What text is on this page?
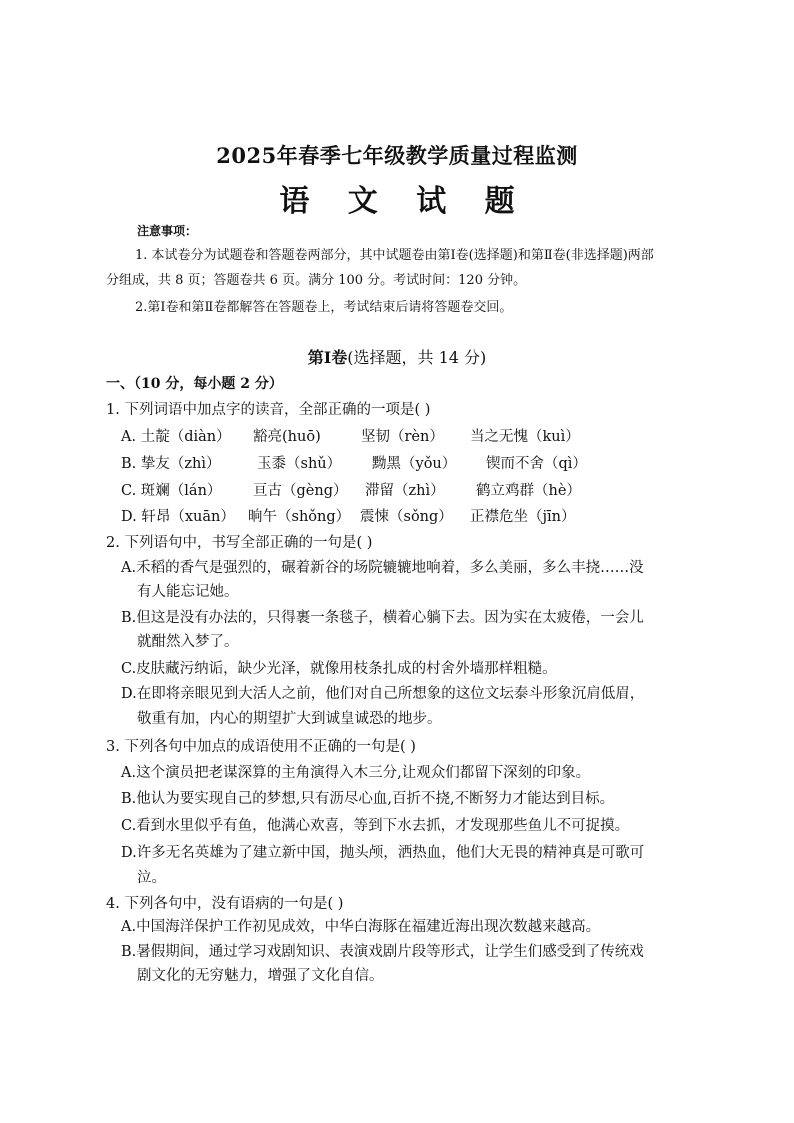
2025年春季七年级教学质量过程监测
语 文 试 题
注意事项：
1. 本试卷分为试题卷和答题卷两部分，其中试题卷由第Ⅰ卷(选择题)和第Ⅱ卷(非选择题)两部
分组成，共 8 页；答题卷共 6 页。满分 100 分。考试时间：120 分钟。
2.第Ⅰ卷和第Ⅱ卷都解答在答题卷上，考试结束后请将答题卷交回。
第Ⅰ卷(选择题，共 14 分)
一、（10 分，每小题 2 分）
1. 下列词语中加点字的读音，全部正确的一项是( )
A. 土靛（diàn） 豁亮(huō)	坚韧（rèn） 当之无愧（kuì）
B. 挚友（zhì）	玉黍（shǔ） 黝黑（yǒu） 锲而不舍（qì）
C. 斑斓（lán） 亘古（gèng） 滞留（zhì） 鹤立鸡群（hè）
D. 轩昂（xuān） 晌午（shǒng） 震悚（sǒng） 正襟危坐（jīn）
2. 下列语句中，书写全部正确的一句是( )
A.禾稻的香气是强烈的，碾着新谷的场院辘辘地响着，多么美丽，多么丰挠……没
有人能忘记她。
B.但这是没有办法的，只得裹一条毯子，横着心躺下去。因为实在太疲倦，一会儿
就酣然入梦了。
C.皮肤藏污纳诟，缺少光泽，就像用枝条扎成的村舍外墙那样粗糙。
D.在即将亲眼见到大活人之前，他们对自己所想象的这位文坛泰斗形象沉肩低眉，
敬重有加，内心的期望扩大到诚皇诚恐的地步。
3. 下列各句中加点的成语使用不正确的一句是( )
A.这个演员把老谋深算的主角演得入木三分,让观众们都留下深刻的印象。
B.他认为要实现自己的梦想,只有沥尽心血,百折不挠,不断努力才能达到目标。
C.看到水里似乎有鱼，他满心欢喜，等到下水去抓，才发现那些鱼儿不可捉摸。
D.许多无名英雄为了建立新中国，抛头颅，洒热血，他们大无畏的精神真是可歌可
泣。
4. 下列各句中，没有语病的一句是( )
A.中国海洋保护工作初见成效，中华白海豚在福建近海出现次数越来越高。
B.暑假期间，通过学习戏剧知识、表演戏剧片段等形式，让学生们感受到了传统戏
剧文化的无穷魅力，增强了文化自信。
